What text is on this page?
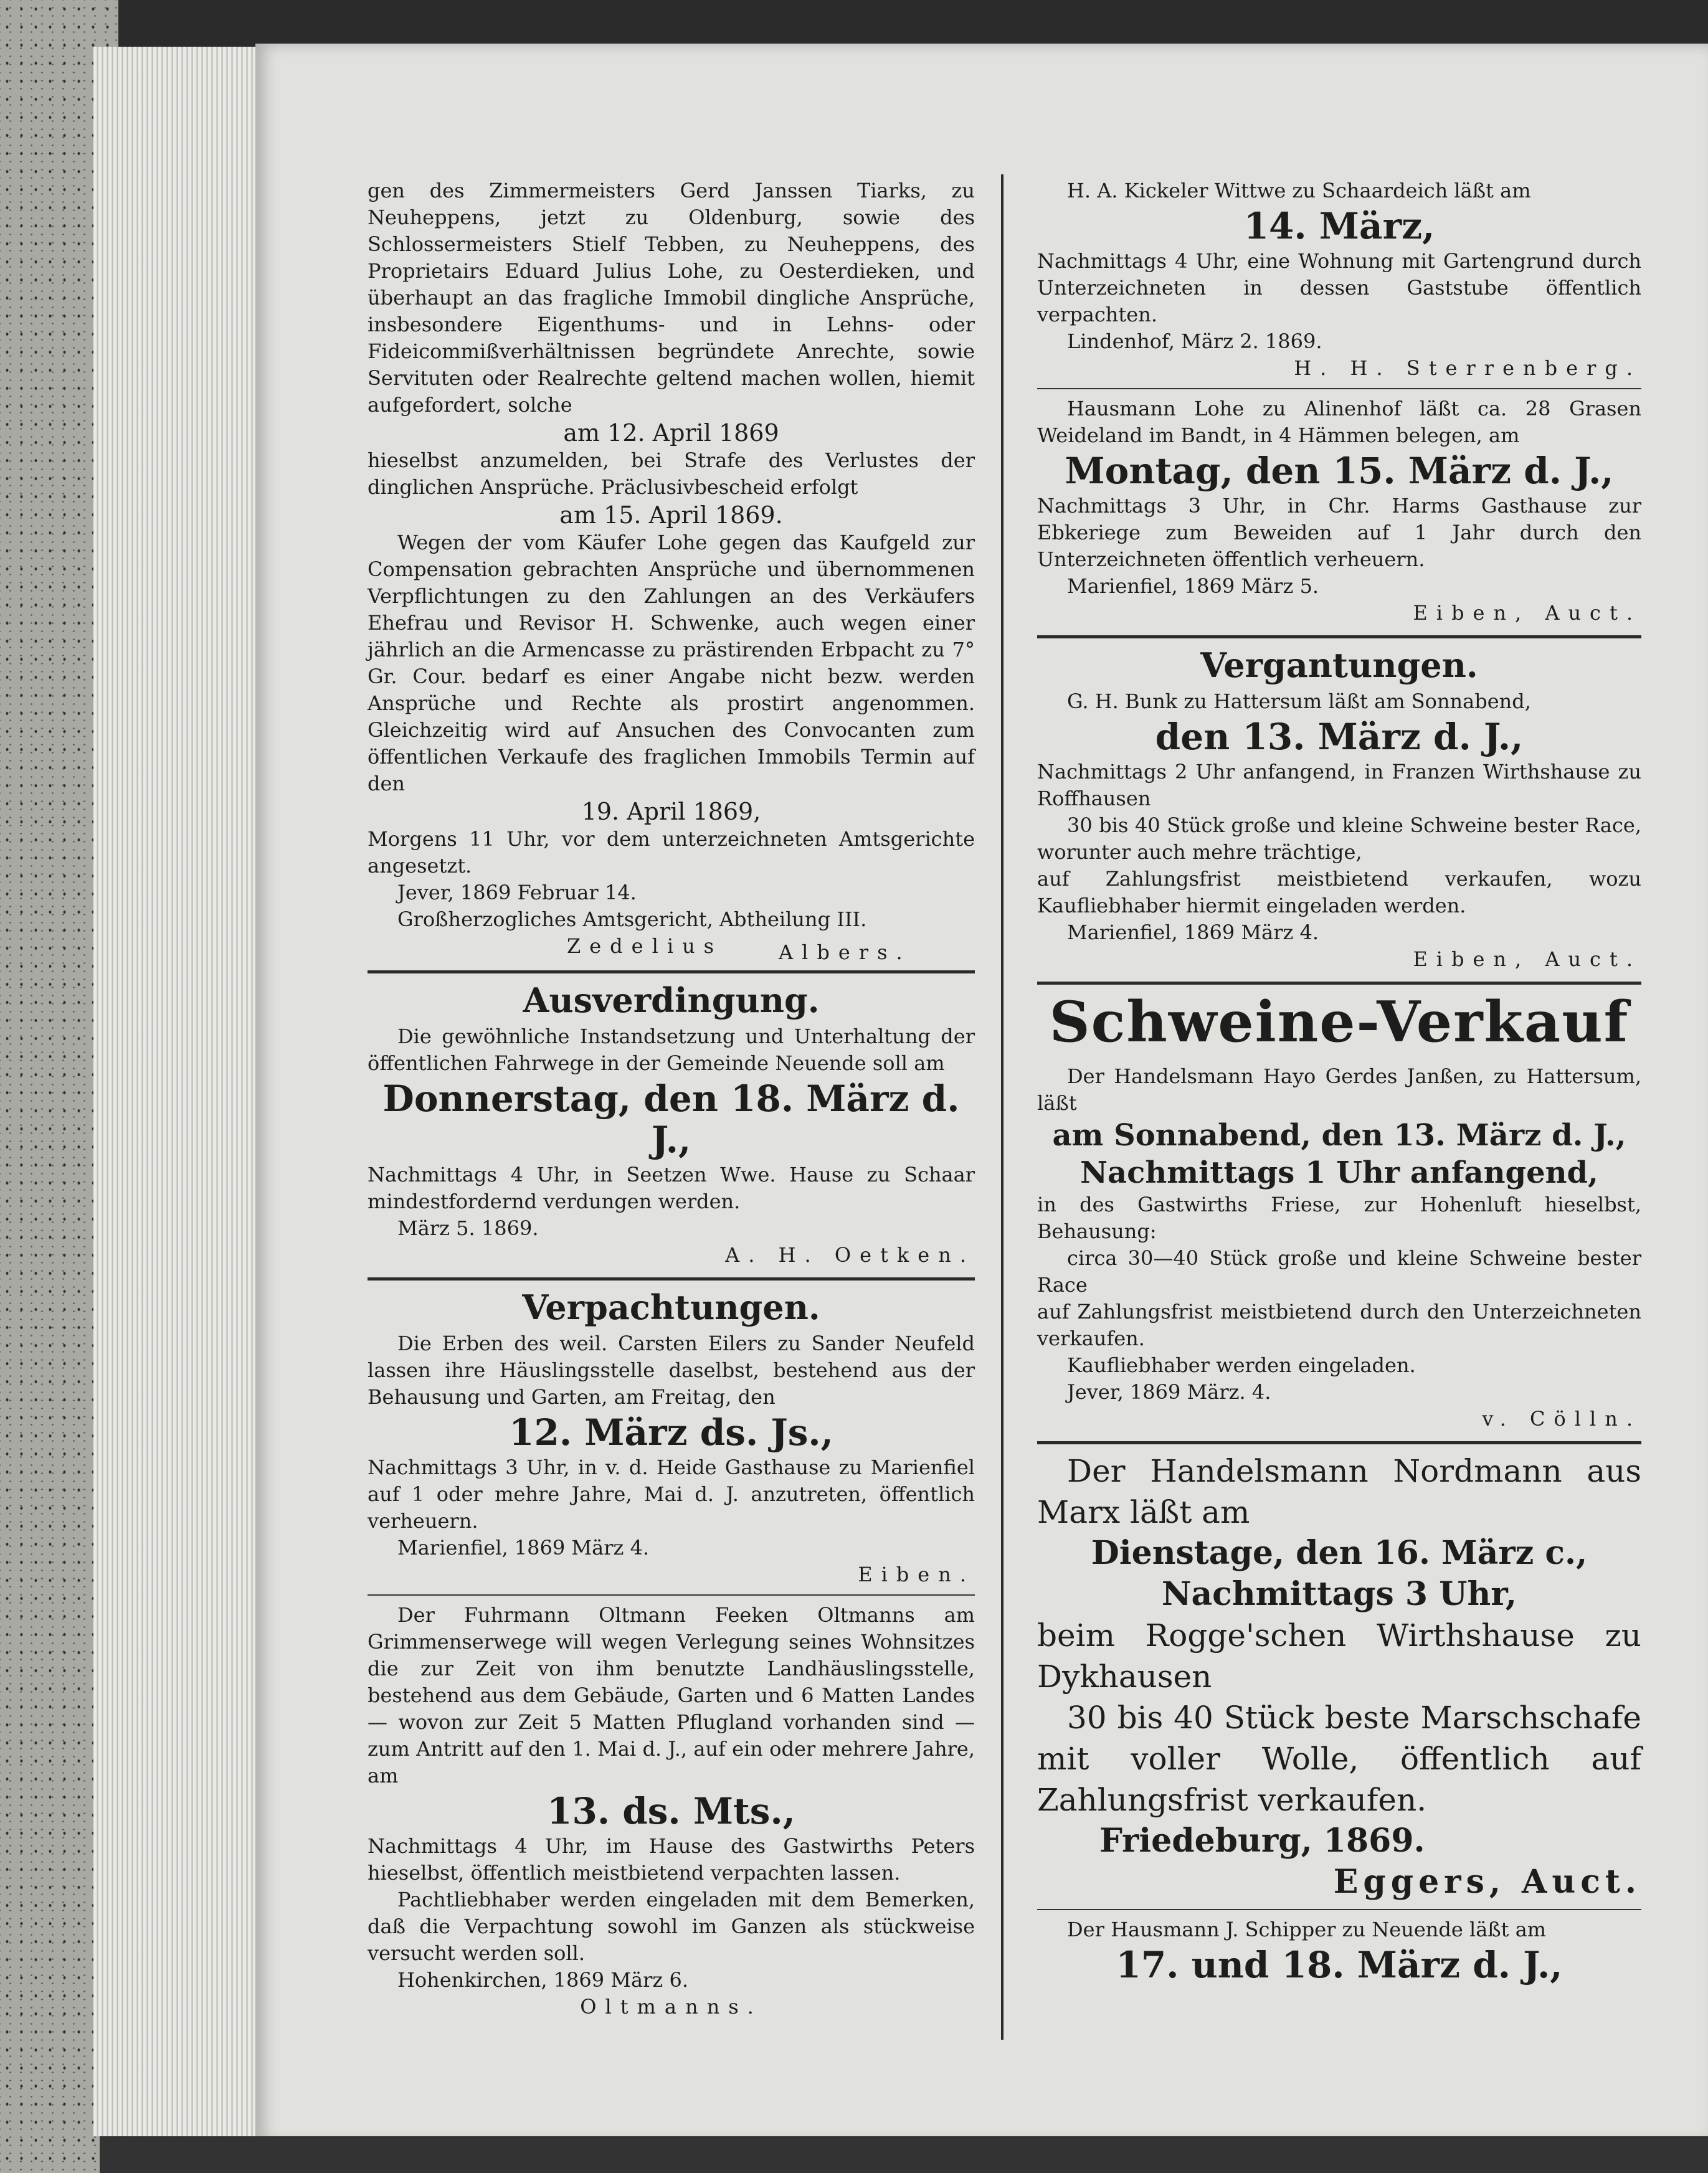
gen des Zimmermeisters Gerd Janssen Tiarks, zu Neuheppens, jetzt zu Oldenburg, sowie des Schlossermeisters Stielf Tebben, zu Neuheppens, des Proprietairs Eduard Julius Lohe, zu Oesterdieken, und überhaupt an das fragliche Immobil dingliche Ansprüche, insbesondere Eigenthums- und in Lehns- oder Fideicommißverhältnissen begründete Anrechte, sowie Servituten oder Realrechte geltend machen wollen, hiemit aufgefordert, solche

am 12. April 1869

hieselbst anzumelden, bei Strafe des Verlustes der dinglichen Ansprüche. Präclusivbescheid erfolgt

am 15. April 1869.

Wegen der vom Käufer Lohe gegen das Kaufgeld zur Compensation gebrachten Ansprüche und übernommenen Verpflichtungen zu den Zahlungen an des Verkäufers Ehefrau und Revisor H. Schwenke, auch wegen einer jährlich an die Armencasse zu prästirenden Erbpacht zu 7° Gr. Cour. bedarf es einer Angabe nicht bezw. werden Ansprüche und Rechte als prostirt angenommen. Gleichzeitig wird auf Ansuchen des Convocanten zum öffentlichen Verkaufe des fraglichen Immobils Termin auf den

19. April 1869,

Morgens 11 Uhr, vor dem unterzeichneten Amtsgerichte angesetzt.

Jever, 1869 Februar 14.

Großherzogliches Amtsgericht, Abtheilung III.

Zedelius	Albers.

Ausverdingung.

Die gewöhnliche Instandsetzung und Unterhaltung der öffentlichen Fahrwege in der Gemeinde Neuende soll am

Donnerstag, den 18. März d. J.,

Nachmittags 4 Uhr, in Seetzen Wwe. Hause zu Schaar mindestfordernd verdungen werden.

März 5. 1869.

A. H. Oetken.

Verpachtungen.

Die Erben des weil. Carsten Eilers zu Sander Neufeld lassen ihre Häuslingsstelle daselbst, bestehend aus der Behausung und Garten, am Freitag, den

12. März ds. Js.,

Nachmittags 3 Uhr, in v. d. Heide Gasthause zu Marienfiel auf 1 oder mehre Jahre, Mai d. J. anzutreten, öffentlich verheuern.

Marienfiel, 1869 März 4.

Eiben.

Der Fuhrmann Oltmann Feeken Oltmanns am Grimmenserwege will wegen Verlegung seines Wohnsitzes die zur Zeit von ihm benutzte Landhäuslingsstelle, bestehend aus dem Gebäude, Garten und 6 Matten Landes — wovon zur Zeit 5 Matten Pflugland vorhanden sind — zum Antritt auf den 1. Mai d. J., auf ein oder mehrere Jahre, am

13. ds. Mts.,

Nachmittags 4 Uhr, im Hause des Gastwirths Peters hieselbst, öffentlich meistbietend verpachten lassen.

Pachtliebhaber werden eingeladen mit dem Bemerken, daß die Verpachtung sowohl im Ganzen als stückweise versucht werden soll.

Hohenkirchen, 1869 März 6.

Oltmanns.

H. A. Kickeler Wittwe zu Schaardeich läßt am

14. März,

Nachmittags 4 Uhr, eine Wohnung mit Gartengrund durch Unterzeichneten in dessen Gaststube öffentlich verpachten.

Lindenhof, März 2. 1869.

H. H. Sterrenberg.

Hausmann Lohe zu Alinenhof läßt ca. 28 Grasen Weideland im Bandt, in 4 Hämmen belegen, am

Montag, den 15. März d. J.,

Nachmittags 3 Uhr, in Chr. Harms Gasthause zur Ebkeriege zum Beweiden auf 1 Jahr durch den Unterzeichneten öffentlich verheuern.

Marienfiel, 1869 März 5.

Eiben, Auct.

Vergantungen.

G. H. Bunk zu Hattersum läßt am Sonnabend,

den 13. März d. J.,

Nachmittags 2 Uhr anfangend, in Franzen Wirthshause zu Roffhausen

30 bis 40 Stück große und kleine Schweine bester Race, worunter auch mehre trächtige,

auf Zahlungsfrist meistbietend verkaufen, wozu Kaufliebhaber hiermit eingeladen werden.

Marienfiel, 1869 März 4.

Eiben, Auct.

Schweine-Verkauf

Der Handelsmann Hayo Gerdes Janßen, zu Hattersum, läßt

am Sonnabend, den 13. März d. J.,

Nachmittags 1 Uhr anfangend,

in des Gastwirths Friese, zur Hohenluft hieselbst, Behausung:

circa 30—40 Stück große und kleine Schweine bester Race

auf Zahlungsfrist meistbietend durch den Unterzeichneten verkaufen.

Kaufliebhaber werden eingeladen.

Jever, 1869 März. 4.

v. Cölln.

Der Handelsmann Nordmann aus Marx läßt am

Dienstage, den 16. März c.,

Nachmittags 3 Uhr,

beim Rogge'schen Wirthshause zu Dykhausen

30 bis 40 Stück beste Marschschafe mit voller Wolle, öffentlich auf Zahlungsfrist verkaufen.

Friedeburg, 1869.

Eggers, Auct.

Der Hausmann J. Schipper zu Neuende läßt am

17. und 18. März d. J.,
